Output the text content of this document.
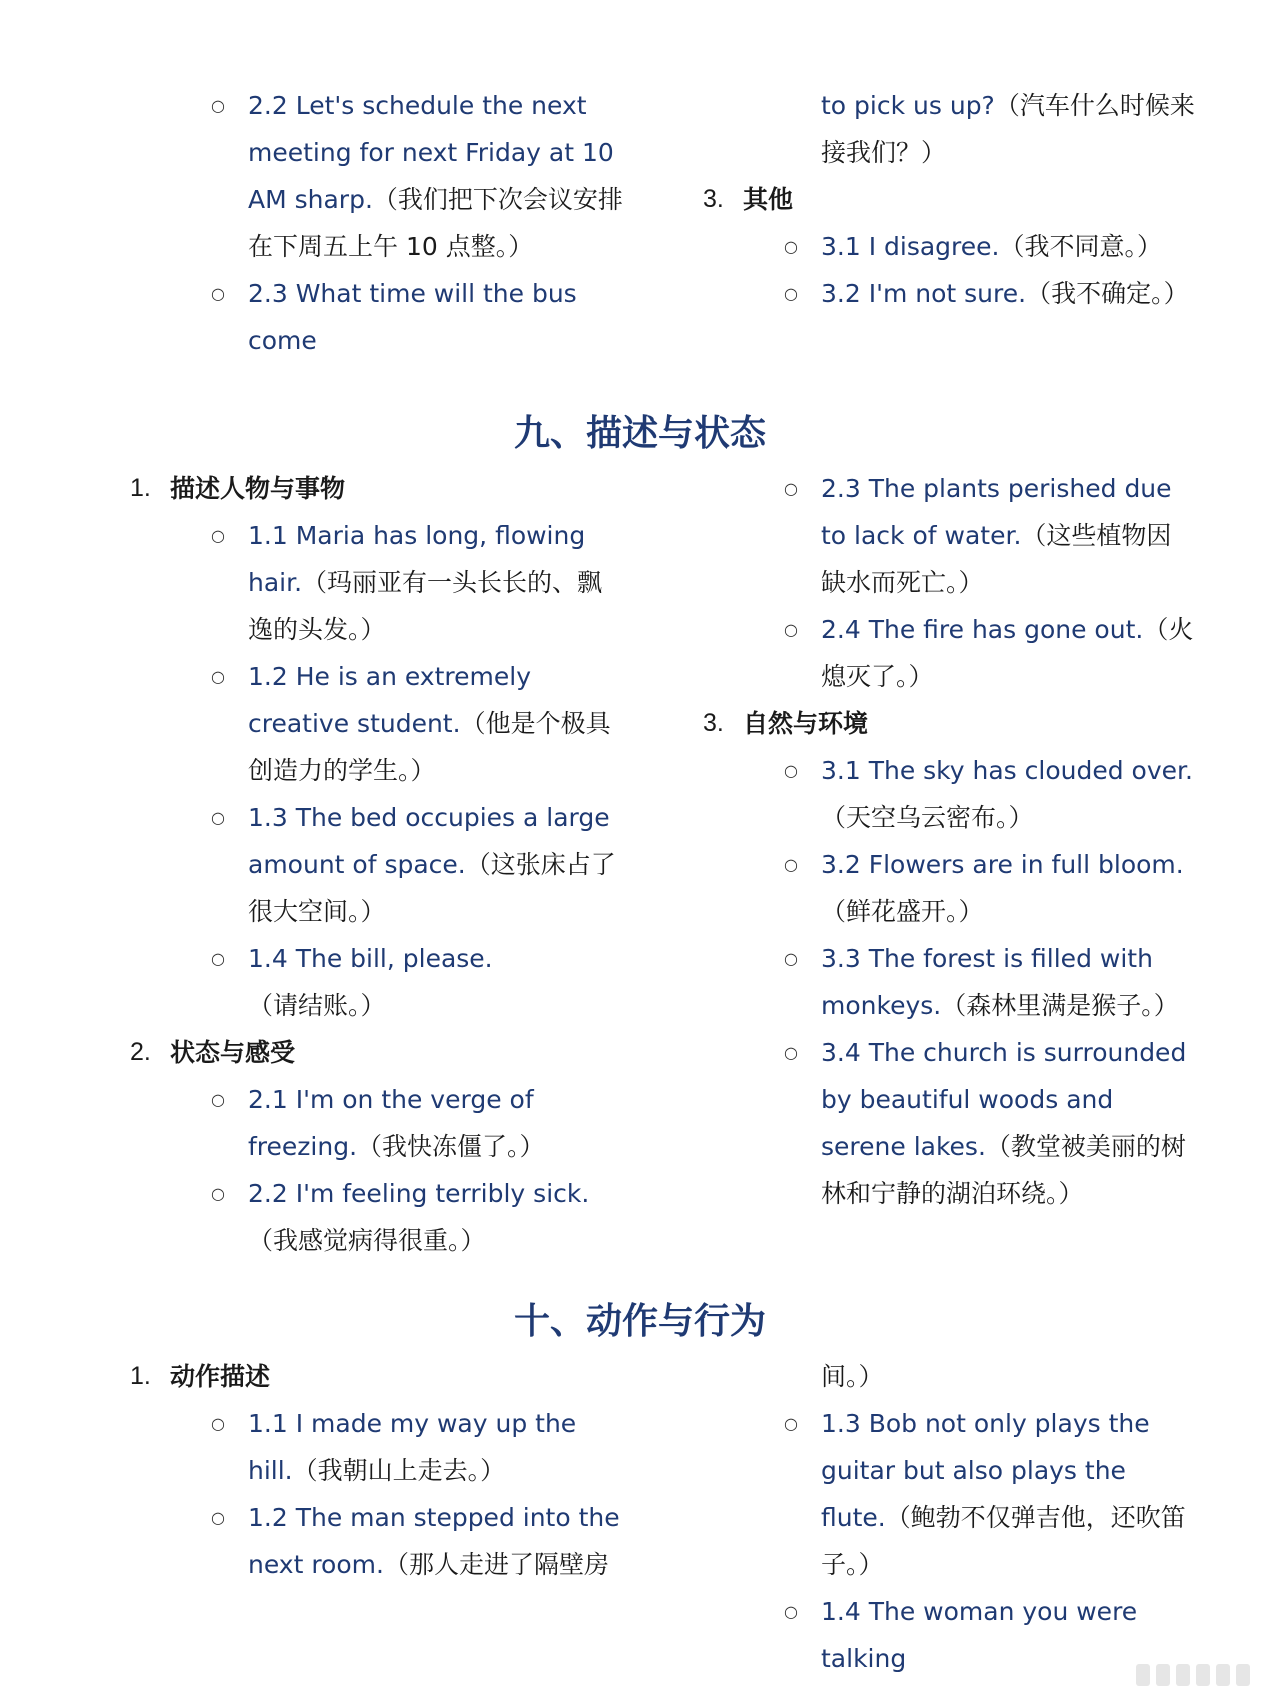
○ 2.2 Let's schedule the next meeting for next Friday at 10 AM sharp.（我们把下次会议安排在下周五上午 10 点整。）
○ 2.3 What time will the bus come
to pick us up?（汽车什么时候来接我们？）
3. 其他
○ 3.1 I disagree.（我不同意。）
○ 3.2 I'm not sure.（我不确定。）
九、描述与状态
1. 描述人物与事物
○ 1.1 Maria has long, flowing hair.（玛丽亚有一头长长的、飘逸的头发。）
○ 1.2 He is an extremely creative student.（他是个极具创造力的学生。）
○ 1.3 The bed occupies a large amount of space.（这张床占了很大空间。）
○ 1.4 The bill, please.（请结账。）
2. 状态与感受
○ 2.1 I'm on the verge of freezing.（我快冻僵了。）
○ 2.2 I'm feeling terribly sick.（我感觉病得很重。）
○ 2.3 The plants perished due to lack of water.（这些植物因缺水而死亡。）
○ 2.4 The fire has gone out.（火熄灭了。）
3. 自然与环境
○ 3.1 The sky has clouded over.（天空乌云密布。）
○ 3.2 Flowers are in full bloom.（鲜花盛开。）
○ 3.3 The forest is filled with monkeys.（森林里满是猴子。）
○ 3.4 The church is surrounded by beautiful woods and serene lakes.（教堂被美丽的树林和宁静的湖泊环绕。）
十、动作与行为
1. 动作描述
○ 1.1 I made my way up the hill.（我朝山上走去。）
○ 1.2 The man stepped into the next room.（那人走进了隔壁房
间。）
○ 1.3 Bob not only plays the guitar but also plays the flute.（鲍勃不仅弹吉他，还吹笛子。）
○ 1.4 The woman you were talking
